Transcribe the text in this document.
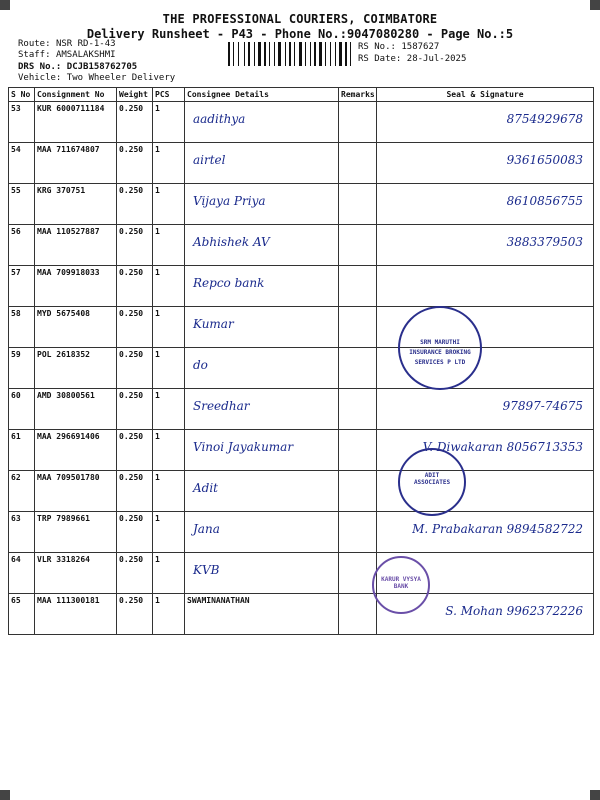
THE PROFESSIONAL COURIERS, COIMBATORE
Delivery Runsheet - P43 - Phone No.:9047080280 - Page No.:5
Route: NSR RD-1-43
Staff: AMSALAKSHMI
DRS No.: DCJB158762705
Vehicle: Two Wheeler Delivery
RS No.: 1587627
RS Date: 28-Jul-2025
S No	Consignment No	Weight	PCS	Consignee Details	Remarks	Seal & Signature
53	KUR 6000711184	0.250	1	aadithya		8754929678

54	MAA 711674807	0.250	1	airtel		9361650083

55	KRG 370751	0.250	1	Vijaya Priya		8610856755

56	MAA 110527887	0.250	1	Abhishek AV		3883379503

57	MAA 709918033	0.250	1	Repco bank		

58	MYD 5675408	0.250	1	Kumar		

59	POL 2618352	0.250	1	do		

60	AMD 30800561	0.250	1	Sreedhar		97897-74675

61	MAA 296691406	0.250	1	Vinoi Jayakumar		V. Diwakaran 8056713353

62	MAA 709501780	0.250	1	Adit		

63	TRP 7989661	0.250	1	Jana		M. Prabakaran 9894582722

64	VLR 3318264	0.250	1	KVB		

65	MAA 111300181	0.250	1	SWAMINANATHAN		S. Mohan 9962372226
SRM MARUTHI INSURANCE BROKING SERVICES P LTD
ADIT ASSOCIATES
KARUR VYSYA BANK
